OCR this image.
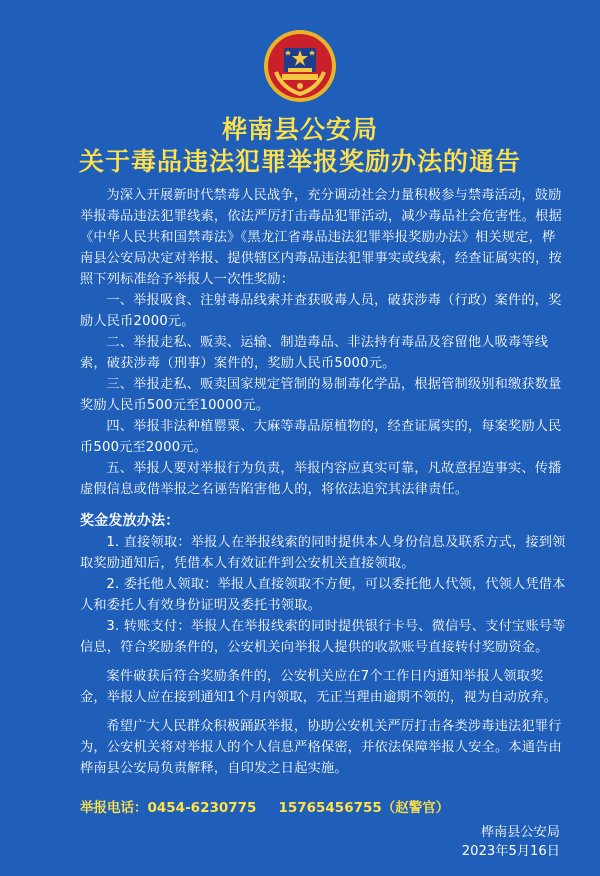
桦南县公安局
关于毒品违法犯罪举报奖励办法的通告

为深入开展新时代禁毒人民战争，充分调动社会力量积极参与禁毒活动，鼓励举报毒品违法犯罪线索，依法严厉打击毒品犯罪活动，减少毒品社会危害性。根据《中华人民共和国禁毒法》《黑龙江省毒品违法犯罪举报奖励办法》相关规定，桦南县公安局决定对举报、提供辖区内毒品违法犯罪事实或线索，经查证属实的，按照下列标准给予举报人一次性奖励：

一、举报吸食、注射毒品线索并查获吸毒人员，破获涉毒（行政）案件的，奖励人民币2000元。

二、举报走私、贩卖、运输、制造毒品、非法持有毒品及容留他人吸毒等线索，破获涉毒（刑事）案件的，奖励人民币5000元。

三、举报走私、贩卖国家规定管制的易制毒化学品，根据管制级别和缴获数量奖励人民币500元至10000元。

四、举报非法种植罂粟、大麻等毒品原植物的，经查证属实的，每案奖励人民币500元至2000元。

五、举报人要对举报行为负责，举报内容应真实可靠，凡故意捏造事实、传播虚假信息或借举报之名诬告陷害他人的，将依法追究其法律责任。

奖金发放办法：

1. 直接领取：举报人在举报线索的同时提供本人身份信息及联系方式，接到领取奖励通知后，凭借本人有效证件到公安机关直接领取。

2. 委托他人领取：举报人直接领取不方便，可以委托他人代领，代领人凭借本人和委托人有效身份证明及委托书领取。

3. 转账支付：举报人在举报线索的同时提供银行卡号、微信号、支付宝账号等信息，符合奖励条件的，公安机关向举报人提供的收款账号直接转付奖励资金。

案件破获后符合奖励条件的，公安机关应在7个工作日内通知举报人领取奖金，举报人应在接到通知1个月内领取，无正当理由逾期不领的，视为自动放弃。

希望广大人民群众积极踊跃举报，协助公安机关严厉打击各类涉毒违法犯罪行为，公安机关将对举报人的个人信息严格保密，并依法保障举报人安全。本通告由桦南县公安局负责解释，自印发之日起实施。

举报电话：0454-6230775 15765456755（赵警官）
桦南县公安局
2023年5月16日
